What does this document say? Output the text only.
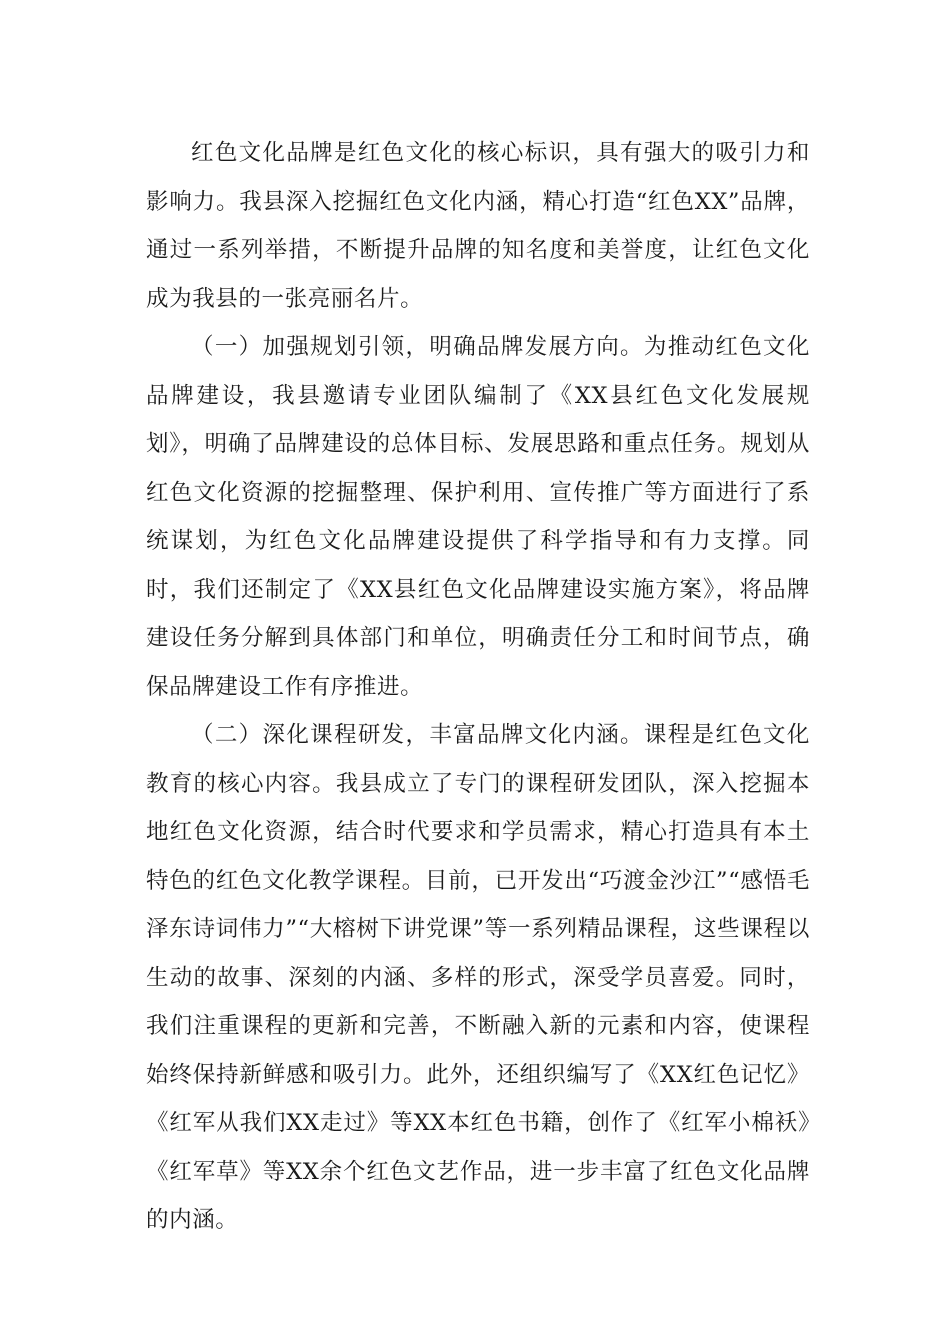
红色文化品牌是红色文化的核心标识，具有强大的吸引力和影响力。我县深入挖掘红色文化内涵，精心打造“红色XX”品牌，通过一系列举措，不断提升品牌的知名度和美誉度，让红色文化成为我县的一张亮丽名片。

（一）加强规划引领，明确品牌发展方向。为推动红色文化品牌建设，我县邀请专业团队编制了《XX县红色文化发展规划》，明确了品牌建设的总体目标、发展思路和重点任务。规划从红色文化资源的挖掘整理、保护利用、宣传推广等方面进行了系统谋划，为红色文化品牌建设提供了科学指导和有力支撑。同时，我们还制定了《XX县红色文化品牌建设实施方案》，将品牌建设任务分解到具体部门和单位，明确责任分工和时间节点，确保品牌建设工作有序推进。

（二）深化课程研发，丰富品牌文化内涵。课程是红色文化教育的核心内容。我县成立了专门的课程研发团队，深入挖掘本地红色文化资源，结合时代要求和学员需求，精心打造具有本土特色的红色文化教学课程。目前，已开发出“巧渡金沙江”“感悟毛泽东诗词伟力”“大榕树下讲党课”等一系列精品课程，这些课程以生动的故事、深刻的内涵、多样的形式，深受学员喜爱。同时，我们注重课程的更新和完善，不断融入新的元素和内容，使课程始终保持新鲜感和吸引力。此外，还组织编写了《XX红色记忆》《红军从我们XX走过》等XX本红色书籍，创作了《红军小棉袄》《红军草》等XX余个红色文艺作品，进一步丰富了红色文化品牌的内涵。
